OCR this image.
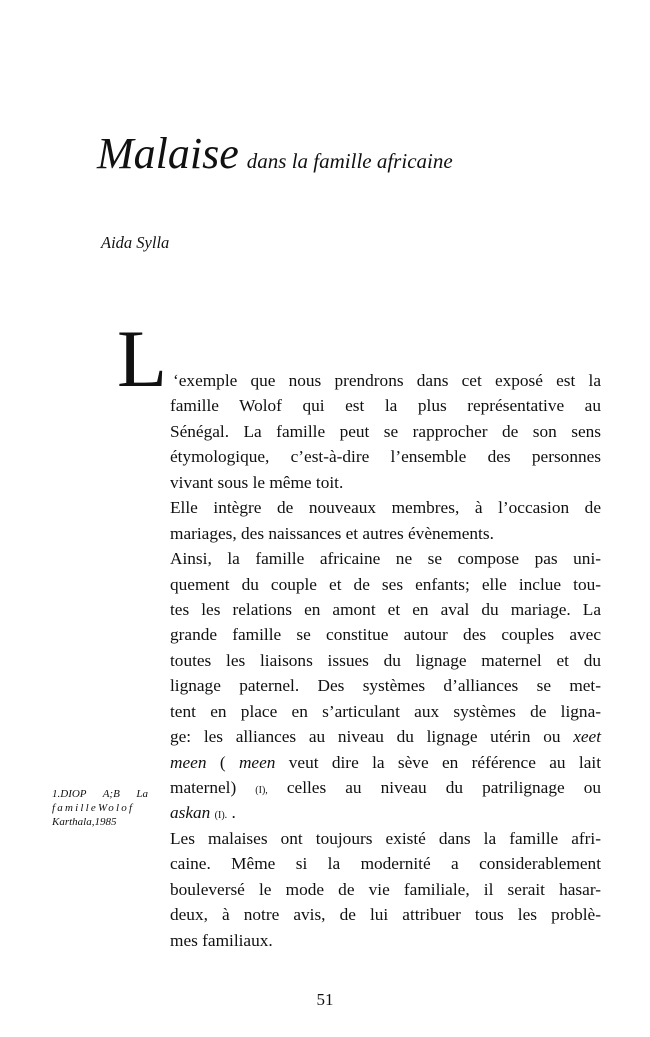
Malaise dans la famille africaine
Aida Sylla
L ‘exemple que nous prendrons dans cet exposé est la
famille Wolof qui est la plus représentative au
Sénégal. La famille peut se rapprocher de son sens
étymologique, c’est-à-dire l’ensemble des personnes
vivant sous le même toit.
Elle intègre de nouveaux membres, à l’occasion de
mariages, des naissances et autres évènements.
Ainsi, la famille africaine ne se compose pas uni-
quement du couple et de ses enfants; elle inclue tou-
tes les relations en amont et en aval du mariage. La
grande famille se constitue autour des couples avec
toutes les liaisons issues du lignage maternel et du
lignage paternel. Des systèmes d’alliances se met-
tent en place en s’articulant aux systèmes de ligna-
ge: les alliances au niveau du lignage utérin ou xeet
meen ( meen veut dire la sève en référence au lait
maternel) (I), celles au niveau du patrilignage ou
askan (I). .
Les malaises ont toujours existé dans la famille afri-
caine. Même si la modernité a considerablement
bouleversé le mode de vie familiale, il serait hasar-
deux, à notre avis, de lui attribuer tous les problè-
mes familiaux.
1.DIOP A;B La
familleWolof
Karthala,1985
51
